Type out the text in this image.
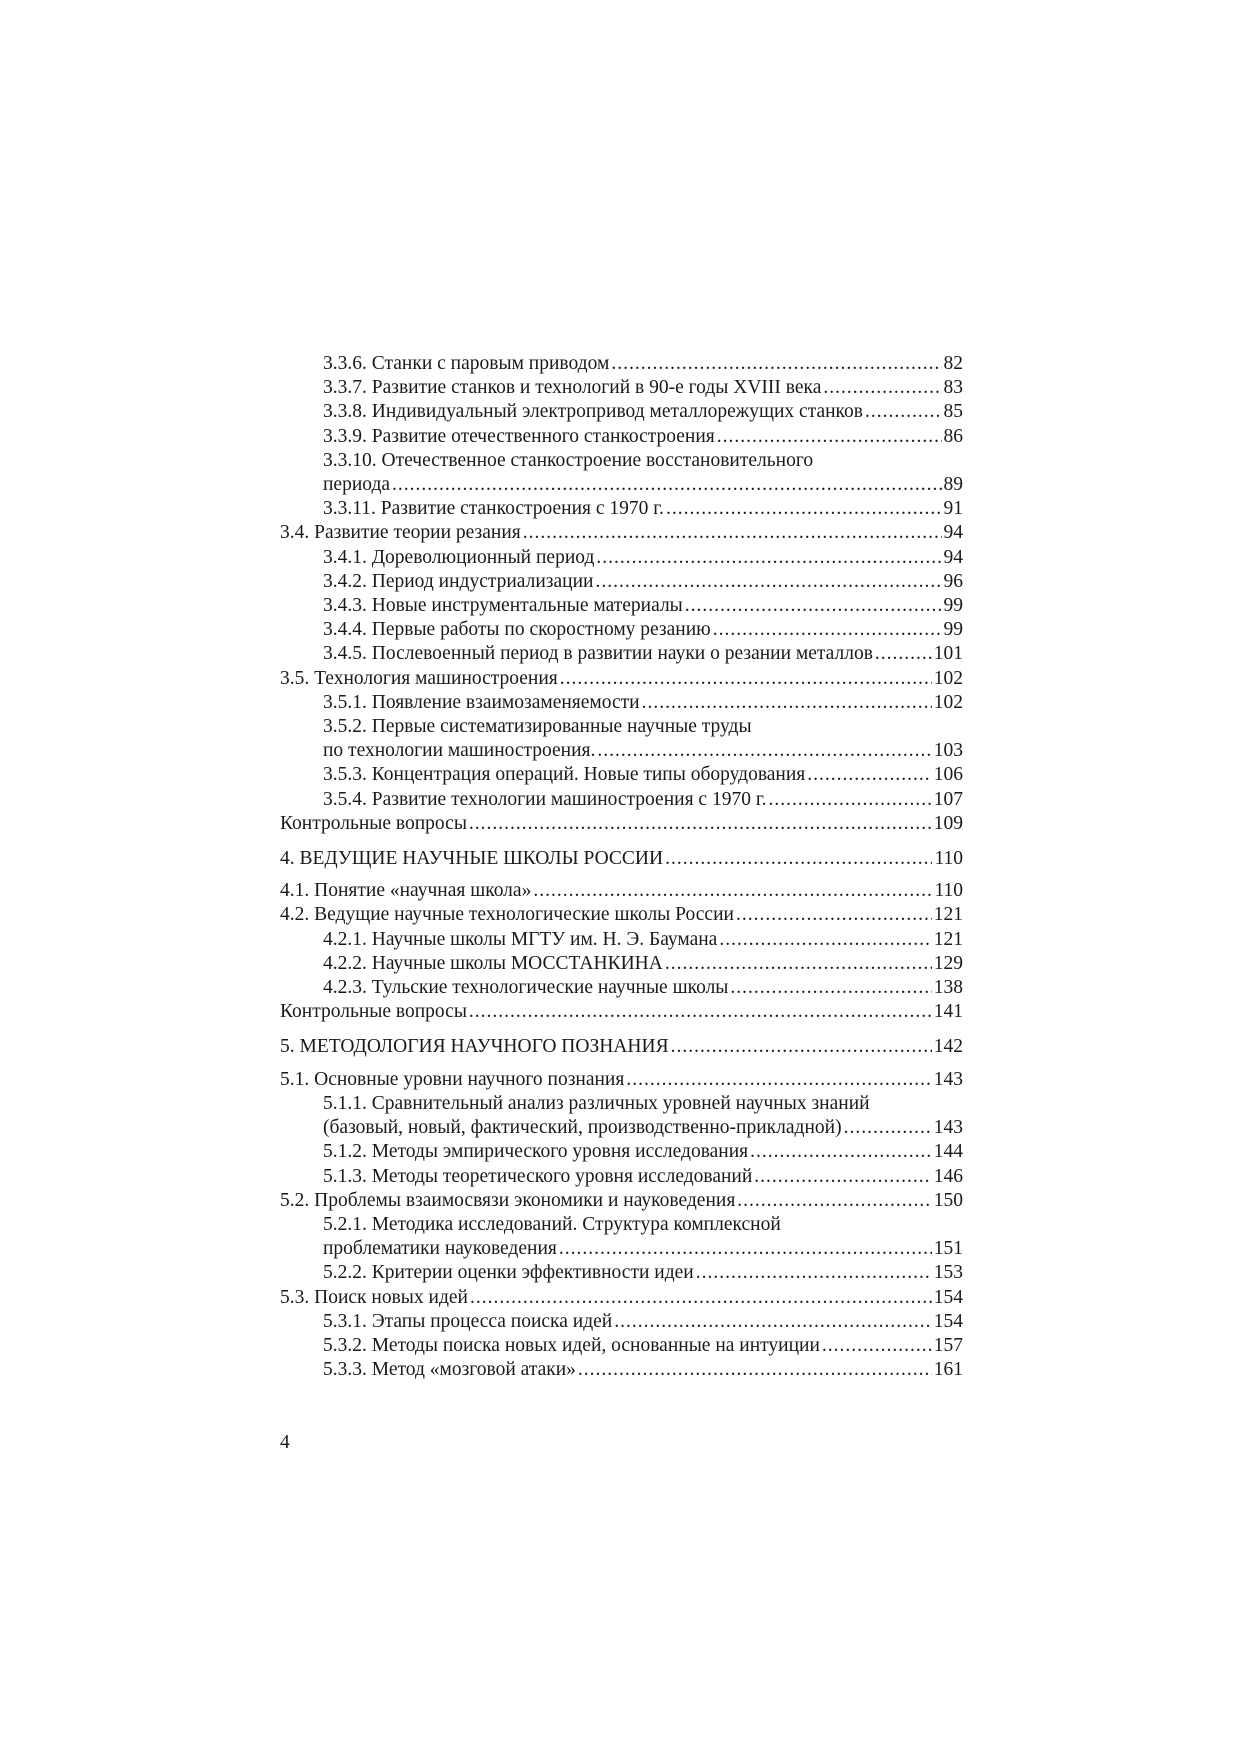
3.3.6. Станки с паровым приводом .....	82
3.3.7. Развитие станков и технологий в 90-е годы XVIII века .....	83
3.3.8. Индивидуальный электропривод металлорежущих станков .....	85
3.3.9. Развитие отечественного станкостроения .....	86
3.3.10. Отечественное станкостроение восстановительного
периода .....	89
3.3.11. Развитие станкостроения с 1970 г. .....	91
3.4. Развитие теории резания .....	94
3.4.1. Дореволюционный период .....	94
3.4.2. Период индустриализации .....	96
3.4.3. Новые инструментальные материалы .....	99
3.4.4. Первые работы по скоростному резанию .....	99
3.4.5. Послевоенный период в развитии науки о резании металлов .....	101
3.5. Технология машиностроения .....	102
3.5.1. Появление взаимозаменяемости .....	102
3.5.2. Первые систематизированные научные труды
по технологии машиностроения. .....	103
3.5.3. Концентрация операций. Новые типы оборудования .....	106
3.5.4. Развитие технологии машиностроения с 1970 г. .....	107
Контрольные вопросы .....	109
4. ВЕДУЩИЕ НАУЧНЫЕ ШКОЛЫ РОССИИ .....	110
4.1. Понятие «научная школа» .....	110
4.2. Ведущие научные технологические школы России .....	121
4.2.1. Научные школы МГТУ им. Н. Э. Баумана .....	121
4.2.2. Научные школы МОССТАНКИНА .....	129
4.2.3. Тульские технологические научные школы .....	138
Контрольные вопросы .....	141
5. МЕТОДОЛОГИЯ НАУЧНОГО ПОЗНАНИЯ .....	142
5.1. Основные уровни научного познания .....	143
5.1.1. Сравнительный анализ различных уровней научных знаний
(базовый, новый, фактический, производственно-прикладной) .....	143
5.1.2. Методы эмпирического уровня исследования .....	144
5.1.3. Методы теоретического уровня исследований .....	146
5.2. Проблемы взаимосвязи экономики и науковедения .....	150
5.2.1. Методика исследований. Структура комплексной
проблематики науковедения .....	151
5.2.2. Критерии оценки эффективности идеи .....	153
5.3. Поиск новых идей .....	154
5.3.1. Этапы процесса поиска идей .....	154
5.3.2. Методы поиска новых идей, основанные на интуиции .....	157
5.3.3. Метод «мозговой атаки» .....	161
4
